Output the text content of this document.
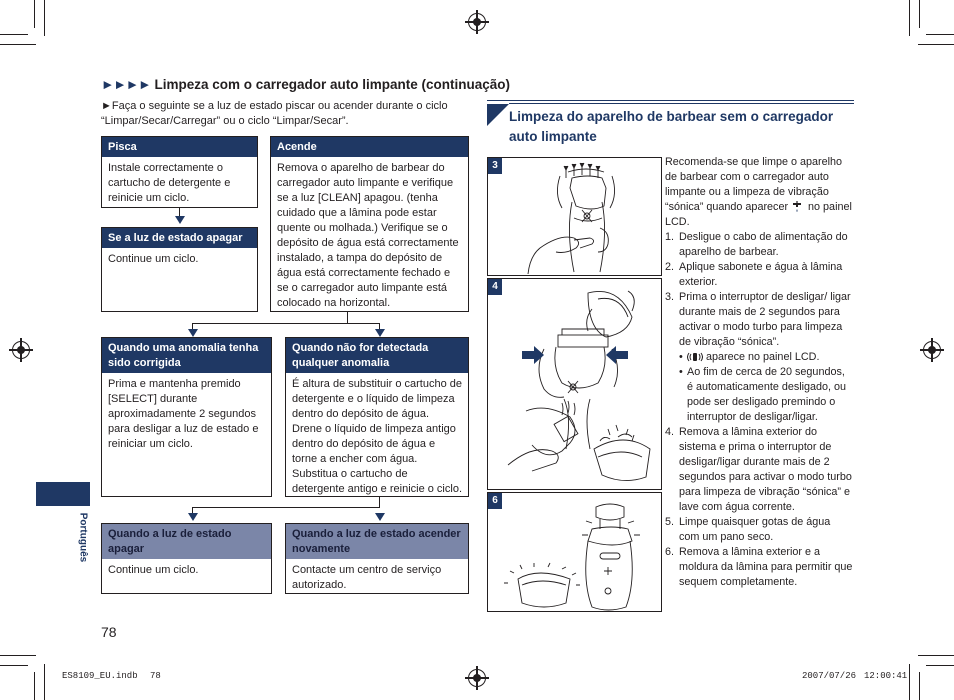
►►►► Limpeza com o carregador auto limpante (continuação)
►Faça o seguinte se a luz de estado piscar ou acender durante o ciclo “Limpar/Secar/Carregar” ou o ciclo “Limpar/Secar”.
Pisca
Instale correctamente o cartucho de detergente e reinicie um ciclo.
Acende
Remova o aparelho de barbear do carregador auto limpante e verifique se a luz [CLEAN] apagou. (tenha cuidado que a lâmina pode estar quente ou molhada.) Verifique se o depósito de água está correctamente instalado, a tampa do depósito de água está correctamente fechado e se o carregador auto limpante está colocado na horizontal.
Se a luz de estado apagar
Continue um ciclo.
Quando uma anomalia tenha sido corrigida
Prima e mantenha premido [SELECT] durante aproximadamente 2 segundos para desligar a luz de estado e reiniciar um ciclo.
Quando não for detectada qualquer anomalia
É altura de substituir o cartucho de detergente e o líquido de limpeza dentro do depósito de água.
Drene o líquido de limpeza antigo dentro do depósito de água e torne a encher com água.
Substitua o cartucho de detergente antigo e reinicie o ciclo.
Quando a luz de estado apagar
Continue um ciclo.
Quando a luz de estado acender novamente
Contacte um centro de serviço autorizado.
Limpeza do aparelho de barbear sem o carregador auto limpante
3
4
6

Recomenda-se que limpe o aparelho de barbear com o carregador auto limpante ou a limpeza de vibração “sónica” quando aparecer no painel LCD.

1. Desligue o cabo de alimentação do aparelho de barbear.
2. Aplique sabonete e água à lâmina exterior.
3. Prima o interruptor de desligar/ ligar durante mais de 2 segundos para activar o modo turbo para limpeza de vibração “sónica”.
• aparece no painel LCD.
• Ao fim de cerca de 20 segundos, é automaticamente desligado, ou pode ser desligado premindo o interruptor de desligar/ligar.
4. Remova a lâmina exterior do sistema e prima o interruptor de desligar/ligar durante mais de 2 segundos para activar o modo turbo para limpeza de vibração “sónica” e lave com água corrente.
5. Limpe quaisquer gotas de água com um pano seco.
6. Remova a lâmina exterior e a moldura da lâmina para permitir que sequem completamente.
Português
78
ES8109_EU.indb 78	2007/07/26 12:00:41
